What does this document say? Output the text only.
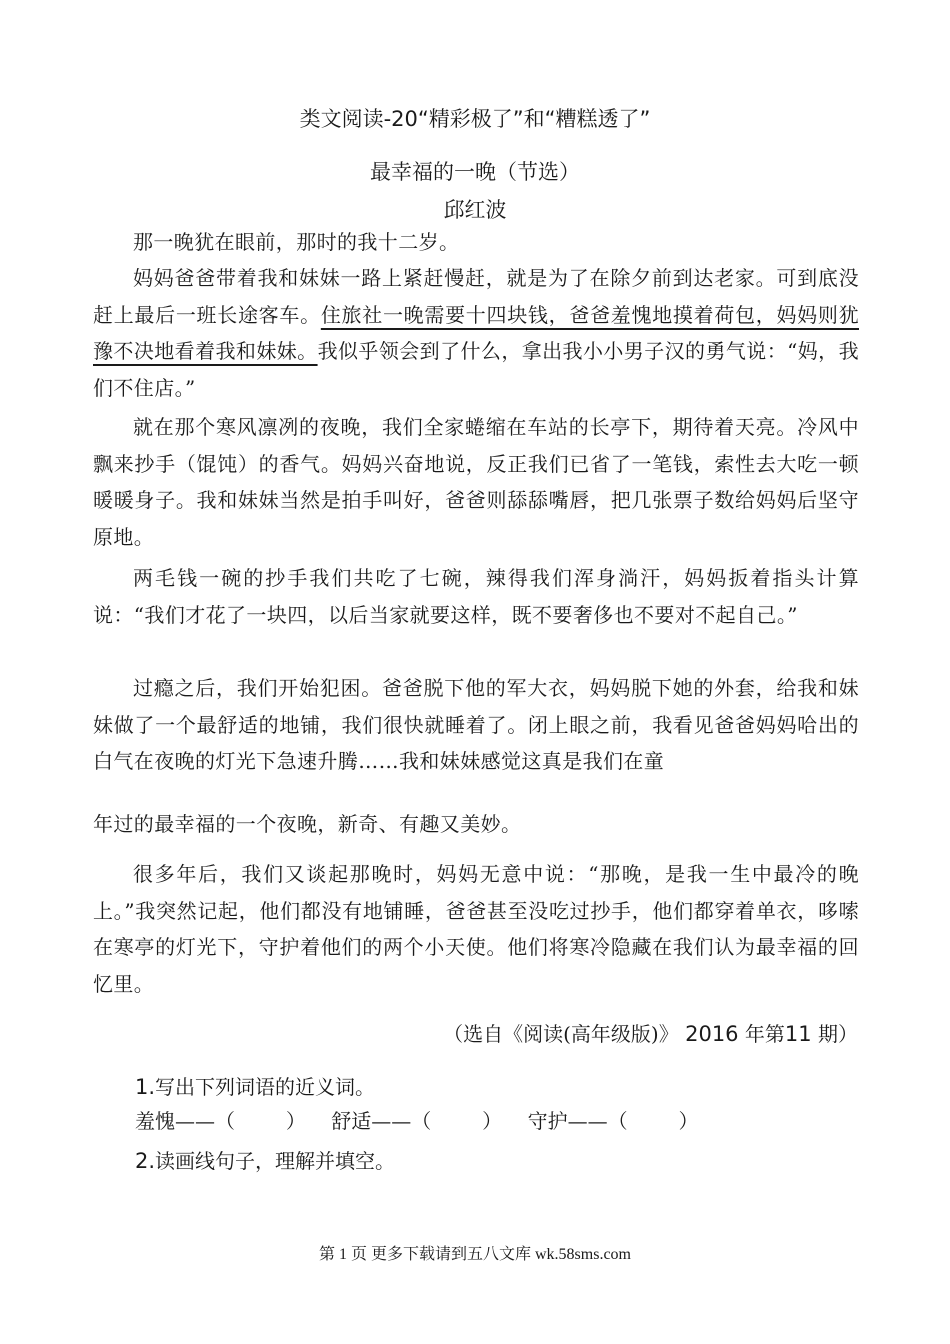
类文阅读-20“精彩极了”和“糟糕透了”
最幸福的一晚（节选）
邱红波

那一晚犹在眼前，那时的我十二岁。

妈妈爸爸带着我和妹妹一路上紧赶慢赶，就是为了在除夕前到达老家。可到底没赶上最后一班长途客车。住旅社一晚需要十四块钱，爸爸羞愧地摸着荷包，妈妈则犹豫不决地看着我和妹妹。我似乎领会到了什么，拿出我小小男子汉的勇气说：“妈，我们不住店。”

就在那个寒风凛冽的夜晚，我们全家蜷缩在车站的长亭下，期待着天亮。冷风中飘来抄手（馄饨）的香气。妈妈兴奋地说，反正我们已省了一笔钱，索性去大吃一顿暖暖身子。我和妹妹当然是拍手叫好，爸爸则舔舔嘴唇，把几张票子数给妈妈后坚守原地。

两毛钱一碗的抄手我们共吃了七碗，辣得我们浑身淌汗，妈妈扳着指头计算说：“我们才花了一块四，以后当家就要这样，既不要奢侈也不要对不起自己。”

过瘾之后，我们开始犯困。爸爸脱下他的军大衣，妈妈脱下她的外套，给我和妹妹做了一个最舒适的地铺，我们很快就睡着了。闭上眼之前，我看见爸爸妈妈哈出的白气在夜晚的灯光下急速升腾……我和妹妹感觉这真是我们在童

年过的最幸福的一个夜晚，新奇、有趣又美妙。

很多年后，我们又谈起那晚时，妈妈无意中说：“那晚，是我一生中最冷的晚上。”我突然记起，他们都没有地铺睡，爸爸甚至没吃过抄手，他们都穿着单衣，哆嗦在寒亭的灯光下，守护着他们的两个小天使。他们将寒冷隐藏在我们认为最幸福的回忆里。

（选自《阅读(高年级版)》 2016 年第11 期）
1.写出下列词语的近义词。
羞愧——（        ） 舒适——（        ） 守护——（        ）
2.读画线句子，理解并填空。
第 1 页 更多下载请到五八文库 wk.58sms.com
